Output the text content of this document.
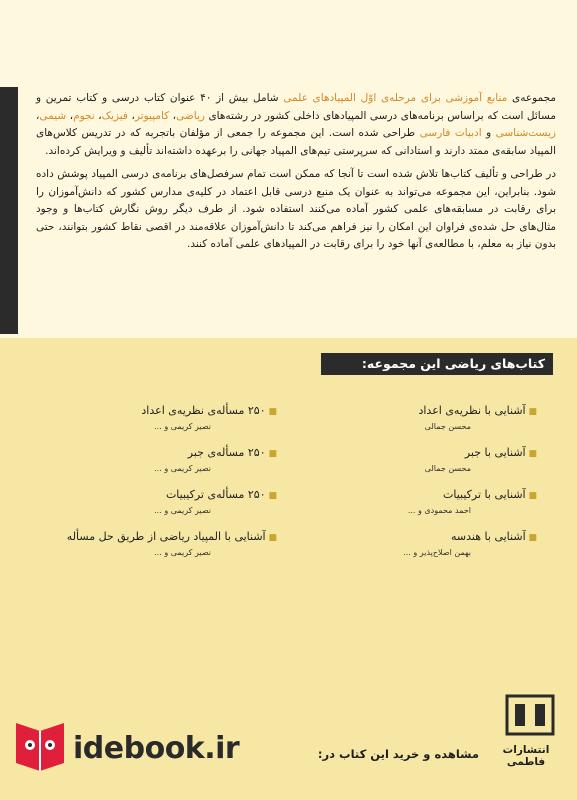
مجموعه‌ی منابع آموزشی برای مرحله‌ی اوّل المپیادهای علمی شامل بیش از ۴۰ عنوان کتاب درسی و کتاب تمرین و مسائل است که براساس برنامه‌های درسی المپیادهای داخلی کشور در رشته‌های ریاضی، کامپیوتر، فیزیک، نجوم، شیمی، زیست‌شناسی و ادبیات فارسی طراحی شده است. این مجموعه را جمعی از مؤلفان باتجربه که در تدریس کلاس‌های المپیاد سابقه‌ی ممتد دارند و استادانی که سرپرستی تیم‌های المپیاد جهانی را برعهده داشته‌اند تألیف و ویرایش کرده‌اند.

در طراحی و تألیف کتاب‌ها تلاش شده است تا آنجا که ممکن است تمام سرفصل‌های برنامه‌ی درسی المپیاد پوشش داده شود. بنابراین، این مجموعه می‌تواند به عنوان یک منبع درسی قابل اعتماد در کلیه‌ی مدارس کشور که دانش‌آموزان را برای رقابت در مسابقه‌های علمی کشور آماده می‌کنند استفاده شود. از طرف دیگر روش نگارش کتاب‌ها و وجود مثال‌های حل شده‌ی فراوان این امکان را نیز فراهم می‌کند تا دانش‌آموزان علاقه‌مند در اقصی نقاط کشور بتوانند، حتی بدون نیاز به معلم، با مطالعه‌ی آنها خود را برای رقابت در المپیادهای علمی آماده کنند.

کتاب‌های ریاضی این مجموعه:
■ آشنایی با نظریه‌ی اعداد
محسن جمالی
■ آشنایی با جبر
محسن جمالی
■ آشنایی با ترکیبیات
احمد محمودی و ...
■ آشنایی با هندسه
بهمن اصلاح‌پذیر و ...
■ ۲۵۰ مسأله‌ی نظریه‌ی اعداد
نصیر کریمی و ...
■ ۲۵۰ مسأله‌ی جبر
نصیر کریمی و ...
■ ۲۵۰ مسأله‌ی ترکیبیات
نصیر کریمی و ...
■ آشنایی با المپیاد ریاضی از طریق حل مسأله
نصیر کریمی و ...
انتشارات فاطمی
مشاهده و خرید این کتاب در:
idebook.ir
